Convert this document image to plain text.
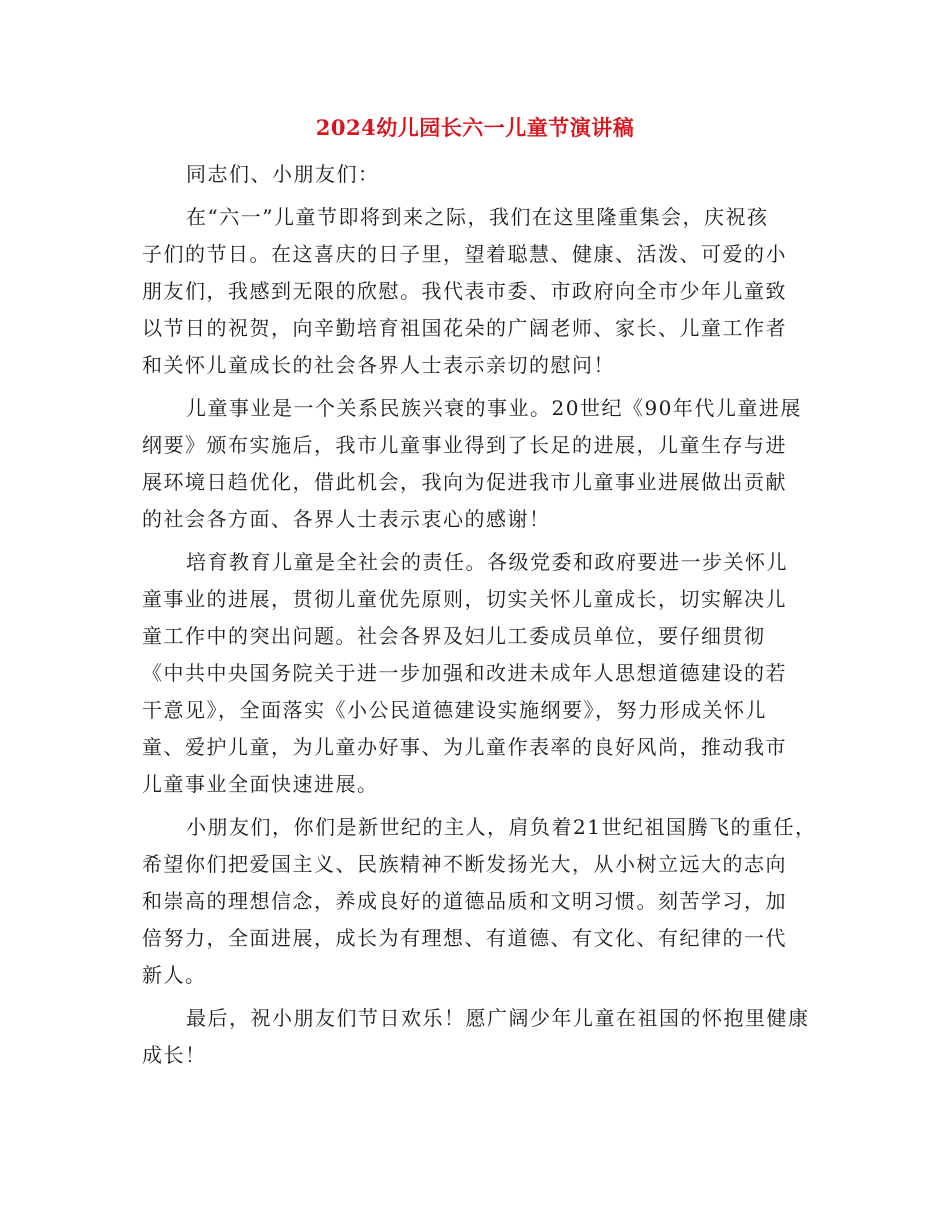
2024幼儿园长六一儿童节演讲稿
同志们、小朋友们：
在“六一”儿童节即将到来之际，我们在这里隆重集会，庆祝孩
子们的节日。在这喜庆的日子里，望着聪慧、健康、活泼、可爱的小
朋友们，我感到无限的欣慰。我代表市委、市政府向全市少年儿童致
以节日的祝贺，向辛勤培育祖国花朵的广阔老师、家长、儿童工作者
和关怀儿童成长的社会各界人士表示亲切的慰问！
儿童事业是一个关系民族兴衰的事业。20世纪《90年代儿童进展
纲要》颁布实施后，我市儿童事业得到了长足的进展，儿童生存与进
展环境日趋优化，借此机会，我向为促进我市儿童事业进展做出贡献
的社会各方面、各界人士表示衷心的感谢！
培育教育儿童是全社会的责任。各级党委和政府要进一步关怀儿
童事业的进展，贯彻儿童优先原则，切实关怀儿童成长，切实解决儿
童工作中的突出问题。社会各界及妇儿工委成员单位，要仔细贯彻
《中共中央国务院关于进一步加强和改进未成年人思想道德建设的若
干意见》，全面落实《小公民道德建设实施纲要》，努力形成关怀儿
童、爱护儿童，为儿童办好事、为儿童作表率的良好风尚，推动我市
儿童事业全面快速进展。
小朋友们，你们是新世纪的主人，肩负着21世纪祖国腾飞的重任，
希望你们把爱国主义、民族精神不断发扬光大，从小树立远大的志向
和崇高的理想信念，养成良好的道德品质和文明习惯。刻苦学习，加
倍努力，全面进展，成长为有理想、有道德、有文化、有纪律的一代
新人。
最后，祝小朋友们节日欢乐！愿广阔少年儿童在祖国的怀抱里健康
成长！
